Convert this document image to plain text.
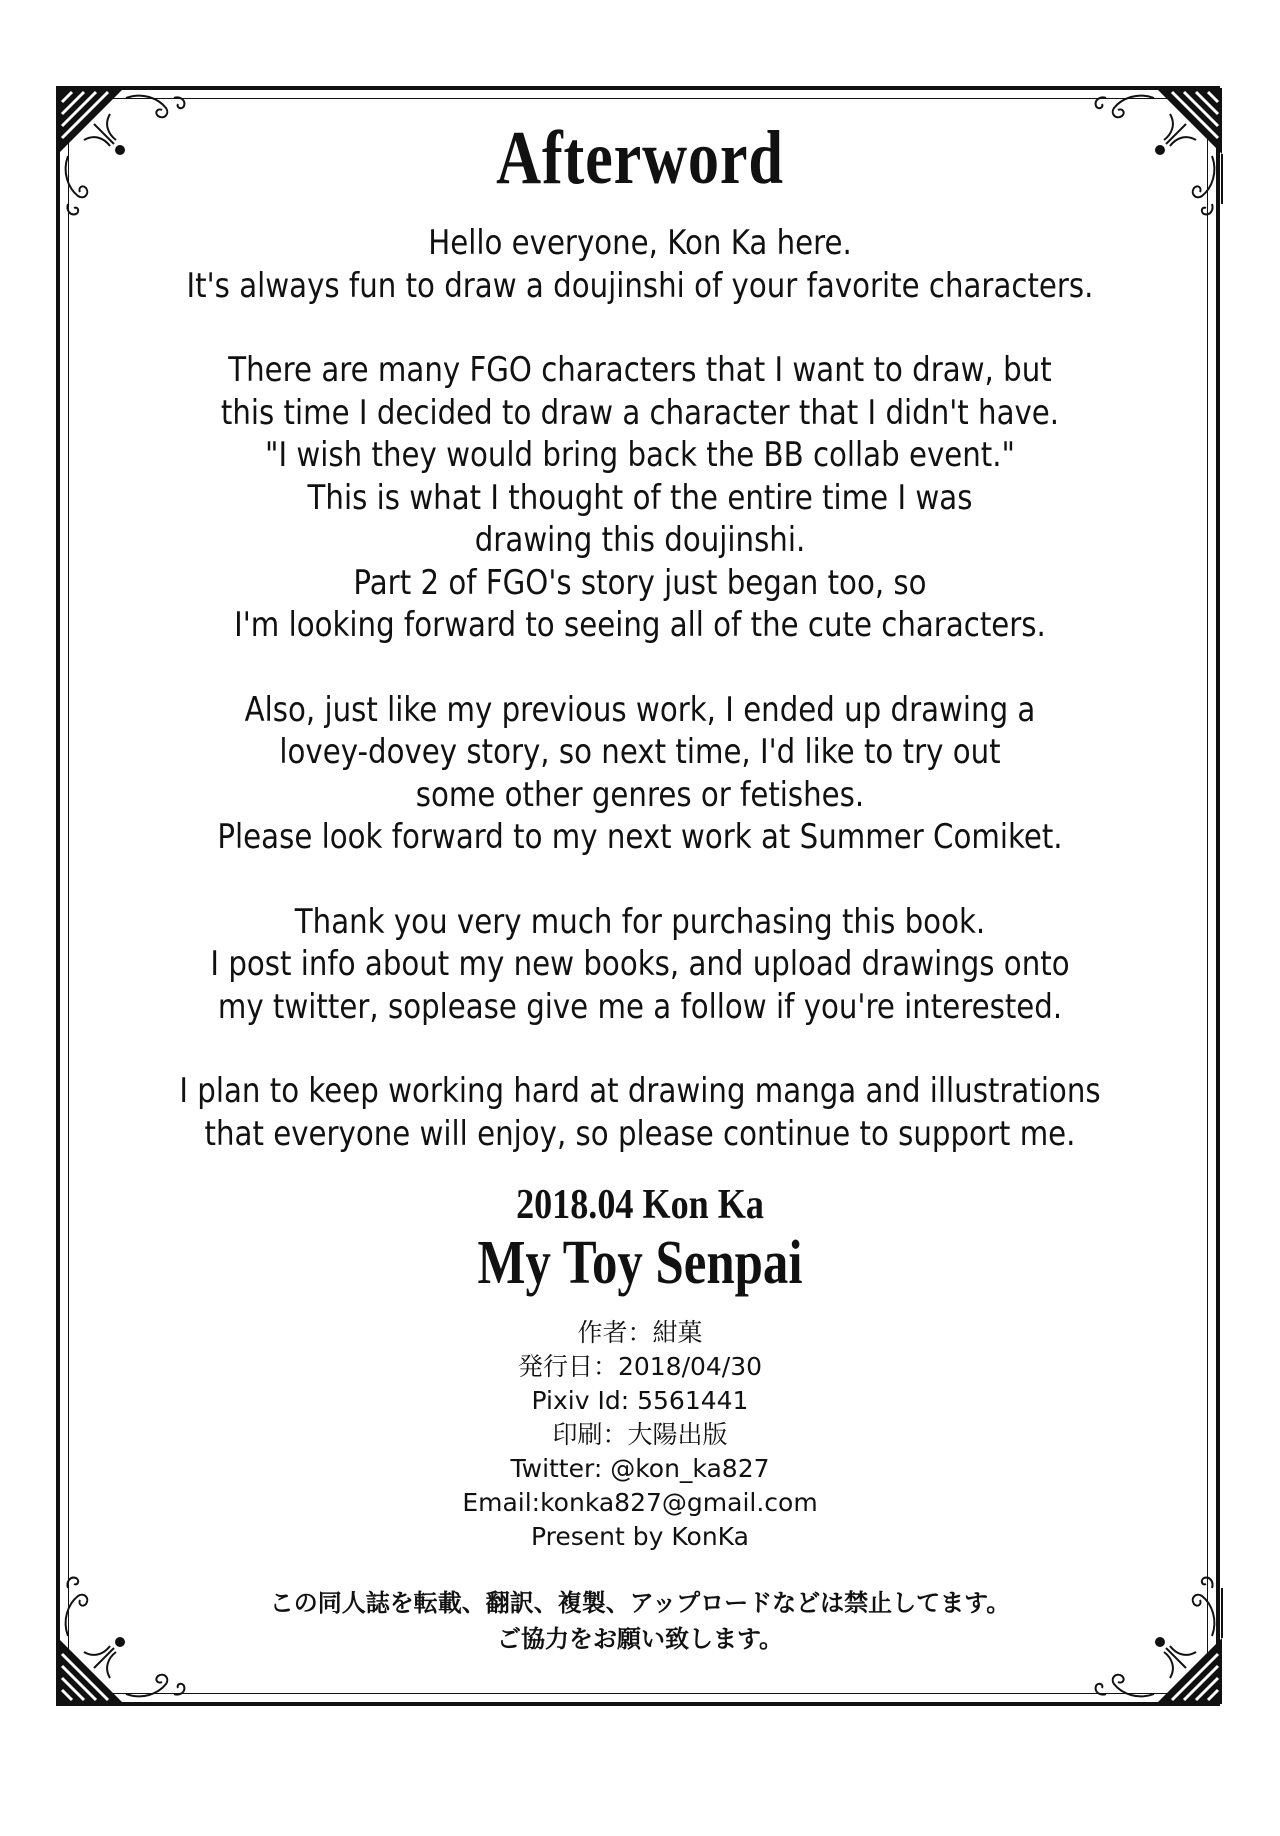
Afterword
Hello everyone, Kon Ka here.
It's always fun to draw a doujinshi of your favorite characters.
There are many FGO characters that I want to draw, but
this time I decided to draw a character that I didn't have.
"I wish they would bring back the BB collab event."
This is what I thought of the entire time I was
drawing this doujinshi.
Part 2 of FGO's story just began too, so
I'm looking forward to seeing all of the cute characters.
Also, just like my previous work, I ended up drawing a
lovey-dovey story, so next time, I'd like to try out
some other genres or fetishes.
Please look forward to my next work at Summer Comiket.
Thank you very much for purchasing this book.
I post info about my new books, and upload drawings onto
my twitter, soplease give me a follow if you're interested.
I plan to keep working hard at drawing manga and illustrations
that everyone will enjoy, so please continue to support me.
2018.04 Kon Ka
My Toy Senpai
作者：紺菓
発行日：2018/04/30
Pixiv Id: 5561441
印刷：大陽出版
Twitter: @kon_ka827
Email:konka827@gmail.com
Present by KonKa
この同人誌を転載、翻訳、複製、アップロードなどは禁止してます。
ご協力をお願い致します。
